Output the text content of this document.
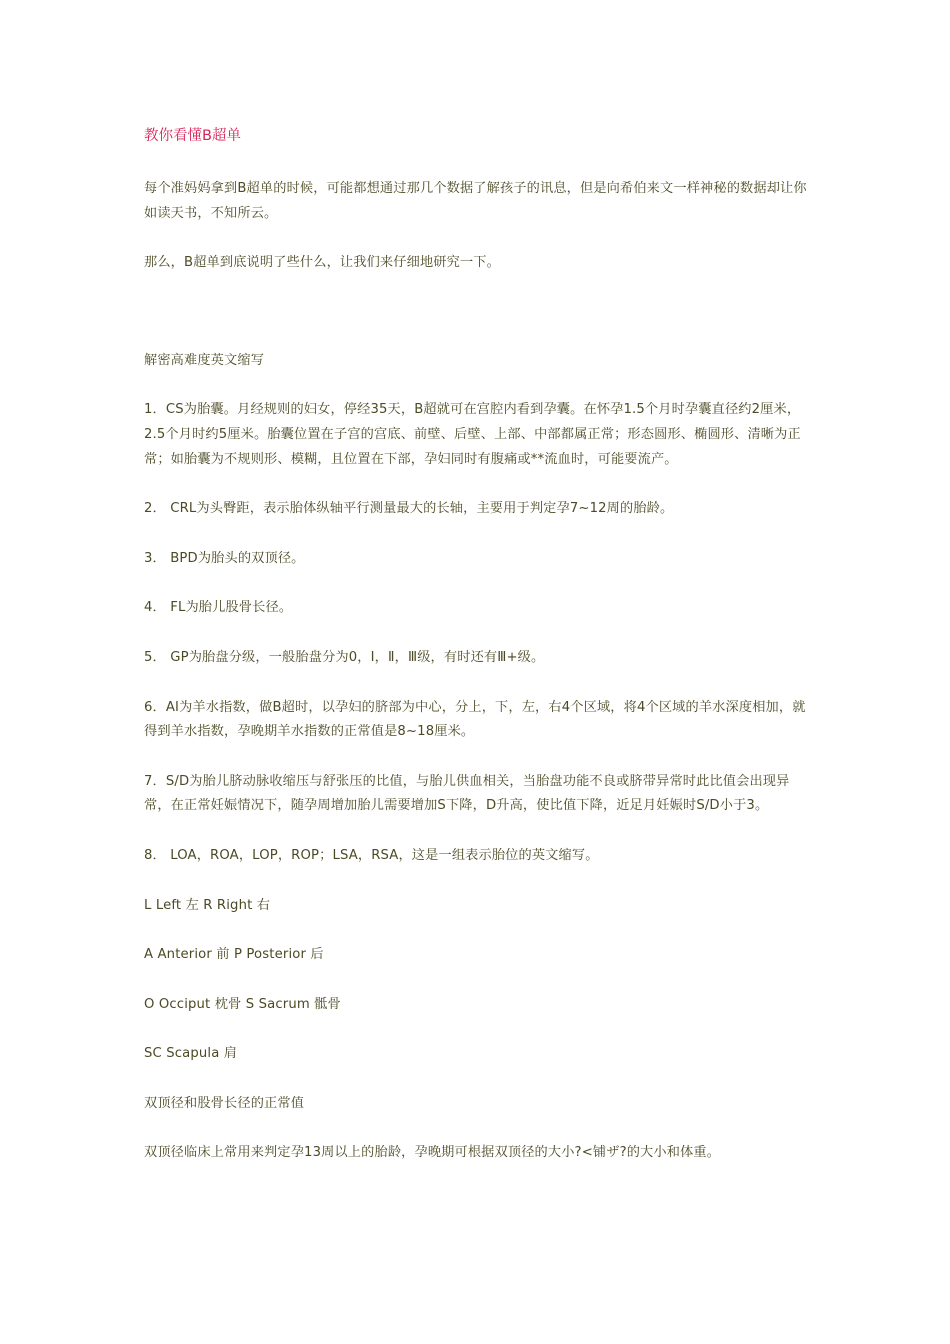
教你看懂B超单

每个准妈妈拿到B超单的时候，可能都想通过那几个数据了解孩子的讯息，但是向希伯来文一样神秘的数据却让你如读天书，不知所云。

那么，B超单到底说明了些什么，让我们来仔细地研究一下。

解密高难度英文缩写

1．CS为胎囊。月经规则的妇女，停经35天，B超就可在宫腔内看到孕囊。在怀孕1.5个月时孕囊直径约2厘米，2.5个月时约5厘米。胎囊位置在子宫的宫底、前壁、后壁、上部、中部都属正常；形态圆形、椭圆形、清晰为正常；如胎囊为不规则形、模糊，且位置在下部，孕妇同时有腹痛或**流血时，可能要流产。

2． CRL为头臀距，表示胎体纵轴平行测量最大的长轴，主要用于判定孕7~12周的胎龄。

3． BPD为胎头的双顶径。

4． FL为胎儿股骨长径。

5． GP为胎盘分级，一般胎盘分为0，Ⅰ，Ⅱ，Ⅲ级，有时还有Ⅲ+级。

6．AI为羊水指数，做B超时，以孕妇的脐部为中心，分上，下，左，右4个区域，将4个区域的羊水深度相加，就得到羊水指数，孕晚期羊水指数的正常值是8~18厘米。

7．S/D为胎儿脐动脉收缩压与舒张压的比值，与胎儿供血相关，当胎盘功能不良或脐带异常时此比值会出现异常，在正常妊娠情况下，随孕周增加胎儿需要增加S下降，D升高，使比值下降，近足月妊娠时S/D小于3。

8． LOA，ROA，LOP，ROP；LSA，RSA，这是一组表示胎位的英文缩写。

L Left 左 R Right 右

A Anterior 前 P Posterior 后

O Occiput 枕骨 S Sacrum 骶骨

SC Scapula 肩

双顶径和股骨长径的正常值

双顶径临床上常用来判定孕13周以上的胎龄，孕晚期可根据双顶径的大小?<铺ザ?的大小和体重。
